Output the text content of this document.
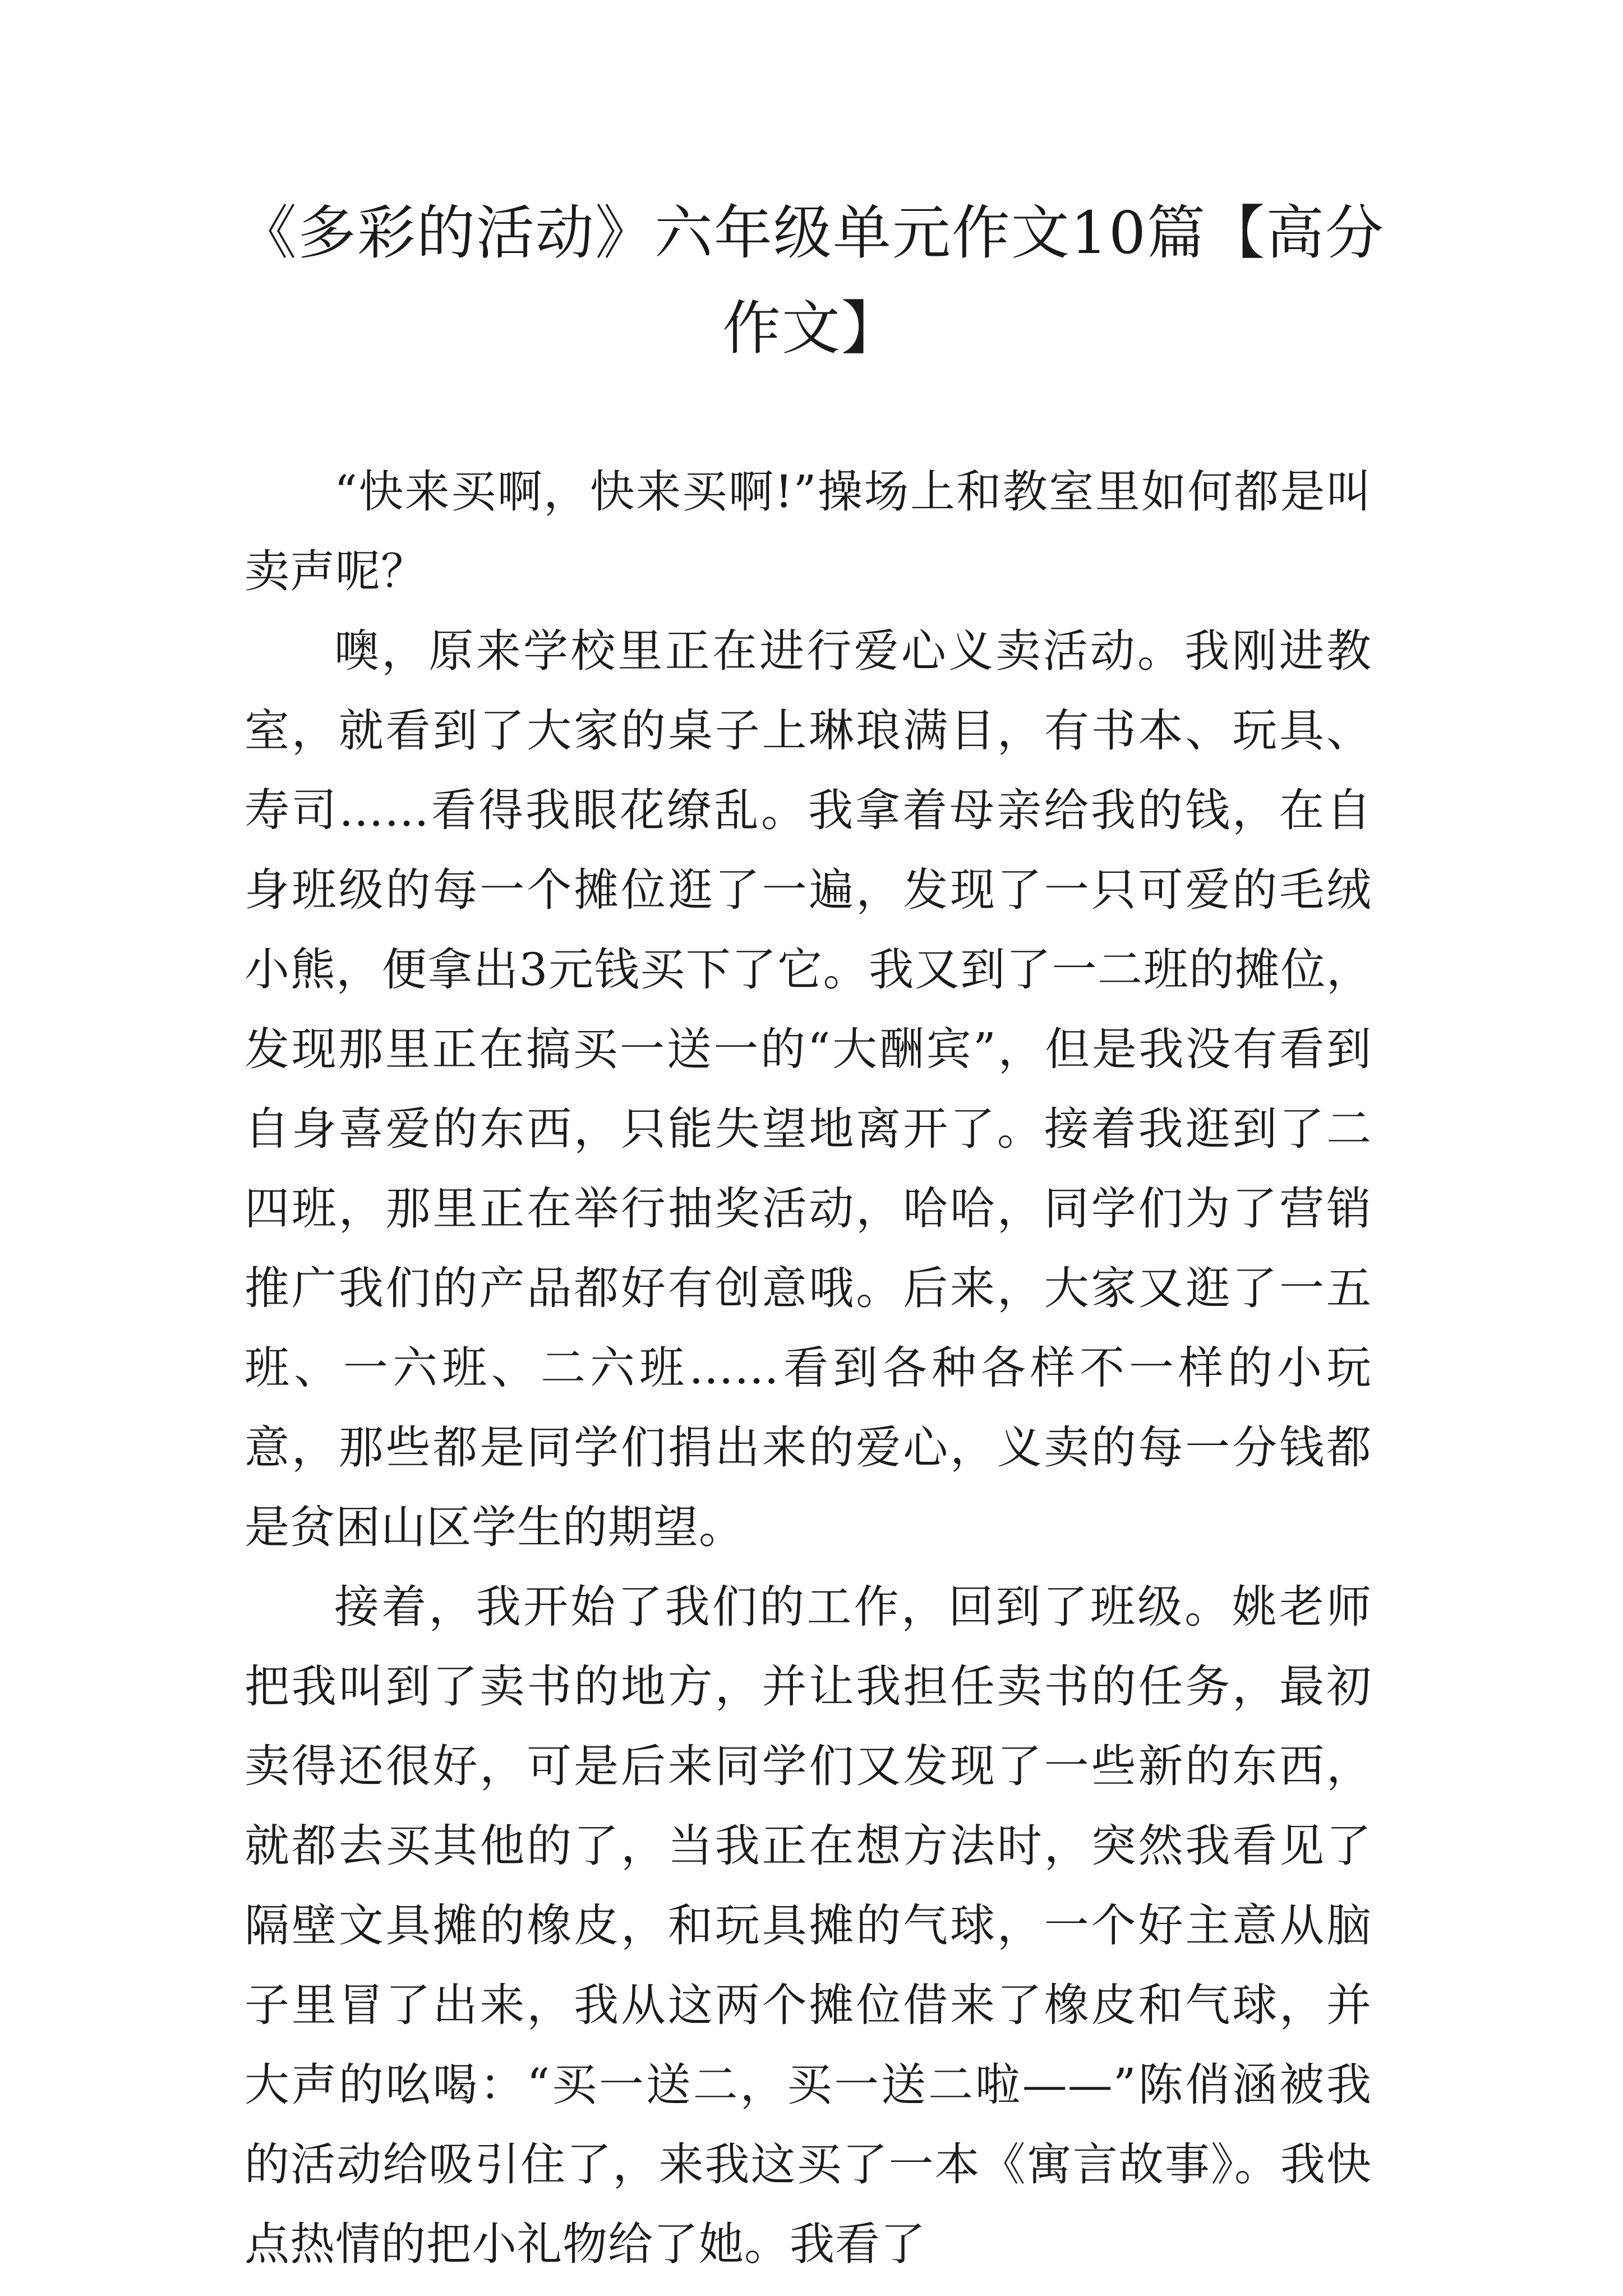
《多彩的活动》六年级单元作文10篇【高分作文】

“快来买啊，快来买啊!”操场上和教室里如何都是叫卖声呢？

噢，原来学校里正在进行爱心义卖活动。我刚进教室，就看到了大家的桌子上琳琅满目，有书本、玩具、寿司……看得我眼花缭乱。我拿着母亲给我的钱，在自身班级的每一个摊位逛了一遍，发现了一只可爱的毛绒小熊，便拿出3元钱买下了它。我又到了一二班的摊位，发现那里正在搞买一送一的“大酬宾”，但是我没有看到自身喜爱的东西，只能失望地离开了。接着我逛到了二四班，那里正在举行抽奖活动，哈哈，同学们为了营销推广我们的产品都好有创意哦。后来，大家又逛了一五班、一六班、二六班……看到各种各样不一样的小玩意，那些都是同学们捐出来的爱心，义卖的每一分钱都是贫困山区学生的期望。

接着，我开始了我们的工作，回到了班级。姚老师把我叫到了卖书的地方，并让我担任卖书的任务，最初卖得还很好，可是后来同学们又发现了一些新的东西，就都去买其他的了，当我正在想方法时，突然我看见了隔壁文具摊的橡皮，和玩具摊的气球，一个好主意从脑子里冒了出来，我从这两个摊位借来了橡皮和气球，并大声的吆喝：“买一送二，买一送二啦——”陈俏涵被我的活动给吸引住了，来我这买了一本《寓言故事》。我快点热情的把小礼物给了她。我看了
